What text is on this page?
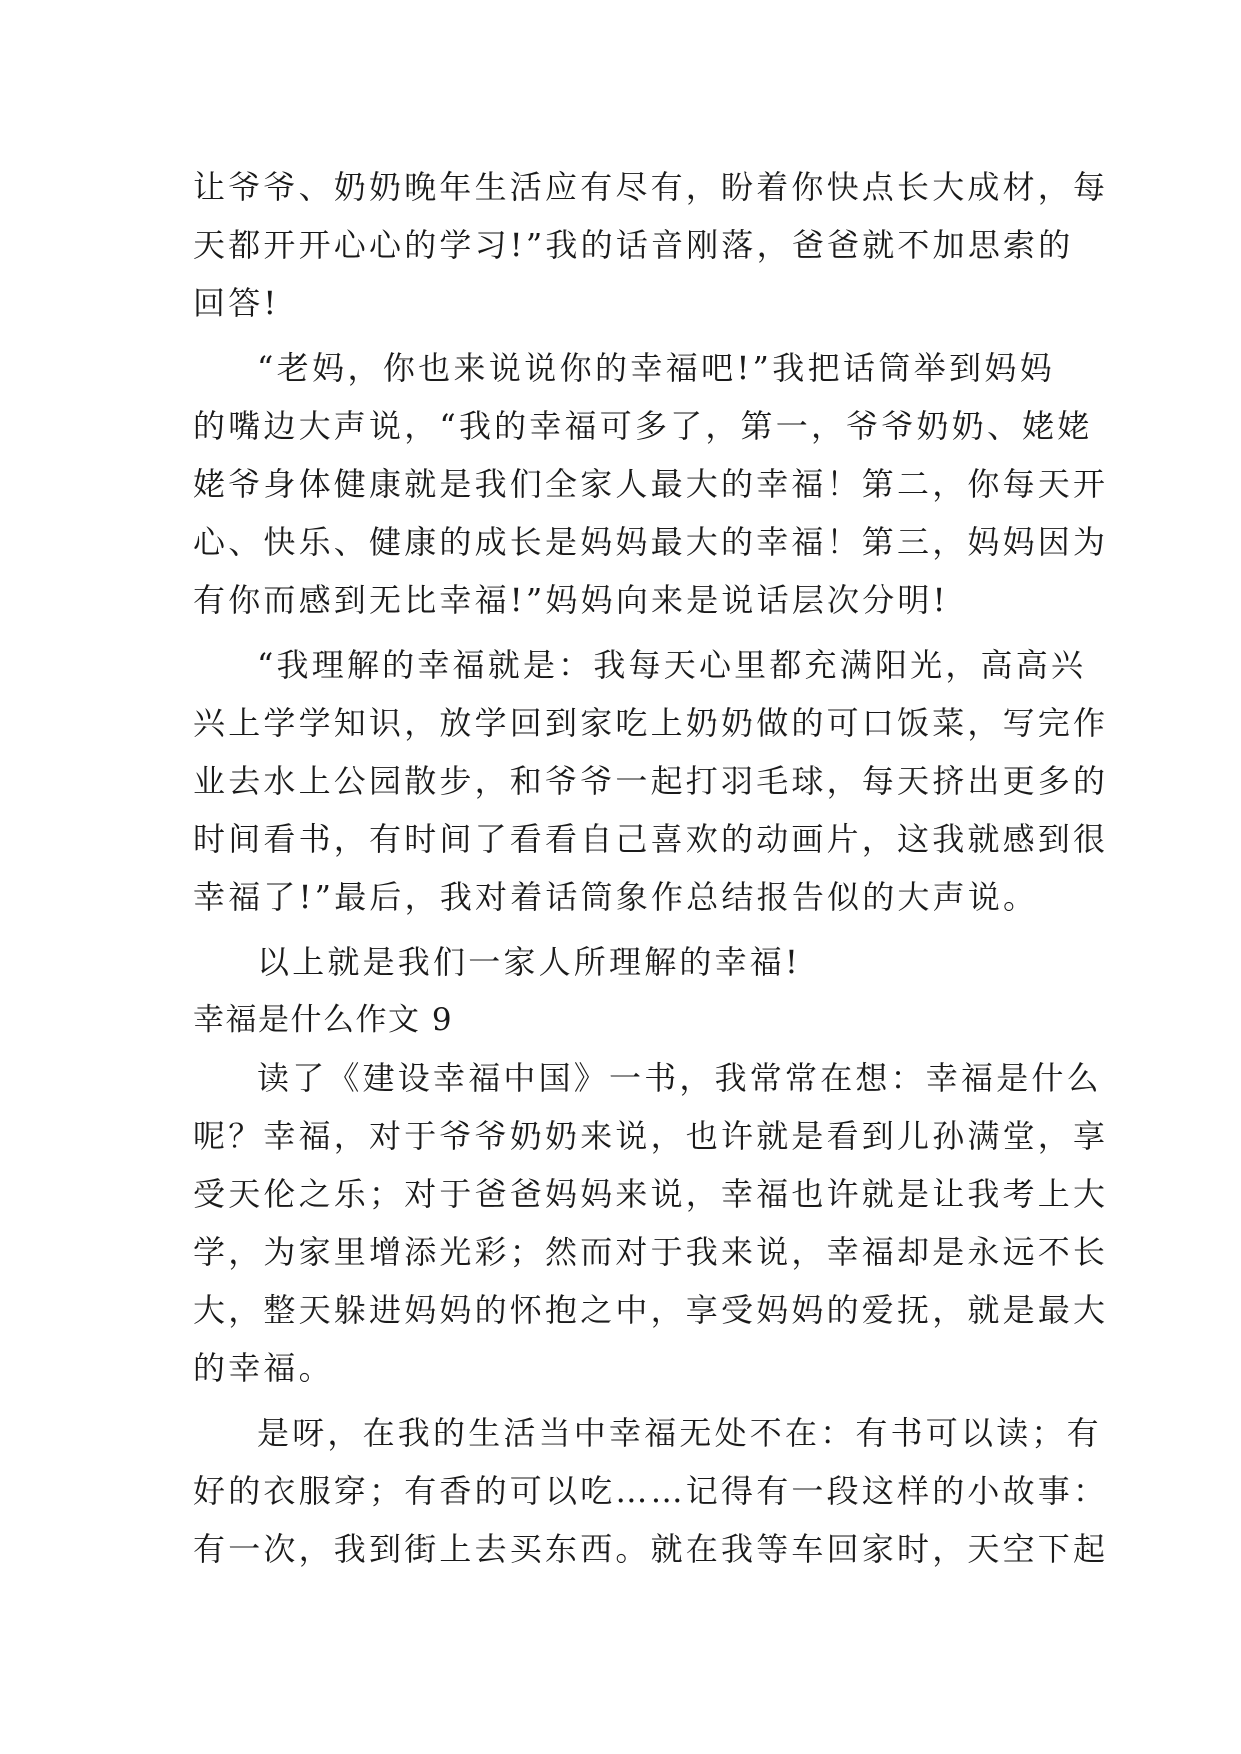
让爷爷、奶奶晚年生活应有尽有，盼着你快点长大成材，每
天都开开心心的学习!”我的话音刚落，爸爸就不加思索的
回答!
“老妈，你也来说说你的幸福吧!”我把话筒举到妈妈
的嘴边大声说，“我的幸福可多了，第一，爷爷奶奶、姥姥
姥爷身体健康就是我们全家人最大的幸福！第二，你每天开
心、快乐、健康的成长是妈妈最大的幸福！第三，妈妈因为
有你而感到无比幸福!”妈妈向来是说话层次分明!
“我理解的幸福就是：我每天心里都充满阳光，高高兴
兴上学学知识，放学回到家吃上奶奶做的可口饭菜，写完作
业去水上公园散步，和爷爷一起打羽毛球，每天挤出更多的
时间看书，有时间了看看自己喜欢的动画片，这我就感到很
幸福了!”最后，我对着话筒象作总结报告似的大声说。
以上就是我们一家人所理解的幸福!
幸福是什么作文 9
读了《建设幸福中国》一书，我常常在想：幸福是什么
呢？幸福，对于爷爷奶奶来说，也许就是看到儿孙满堂，享
受天伦之乐；对于爸爸妈妈来说，幸福也许就是让我考上大
学，为家里增添光彩；然而对于我来说，幸福却是永远不长
大，整天躲进妈妈的怀抱之中，享受妈妈的爱抚，就是最大
的幸福。
是呀，在我的生活当中幸福无处不在：有书可以读；有
好的衣服穿；有香的可以吃……记得有一段这样的小故事：
有一次，我到街上去买东西。就在我等车回家时，天空下起
